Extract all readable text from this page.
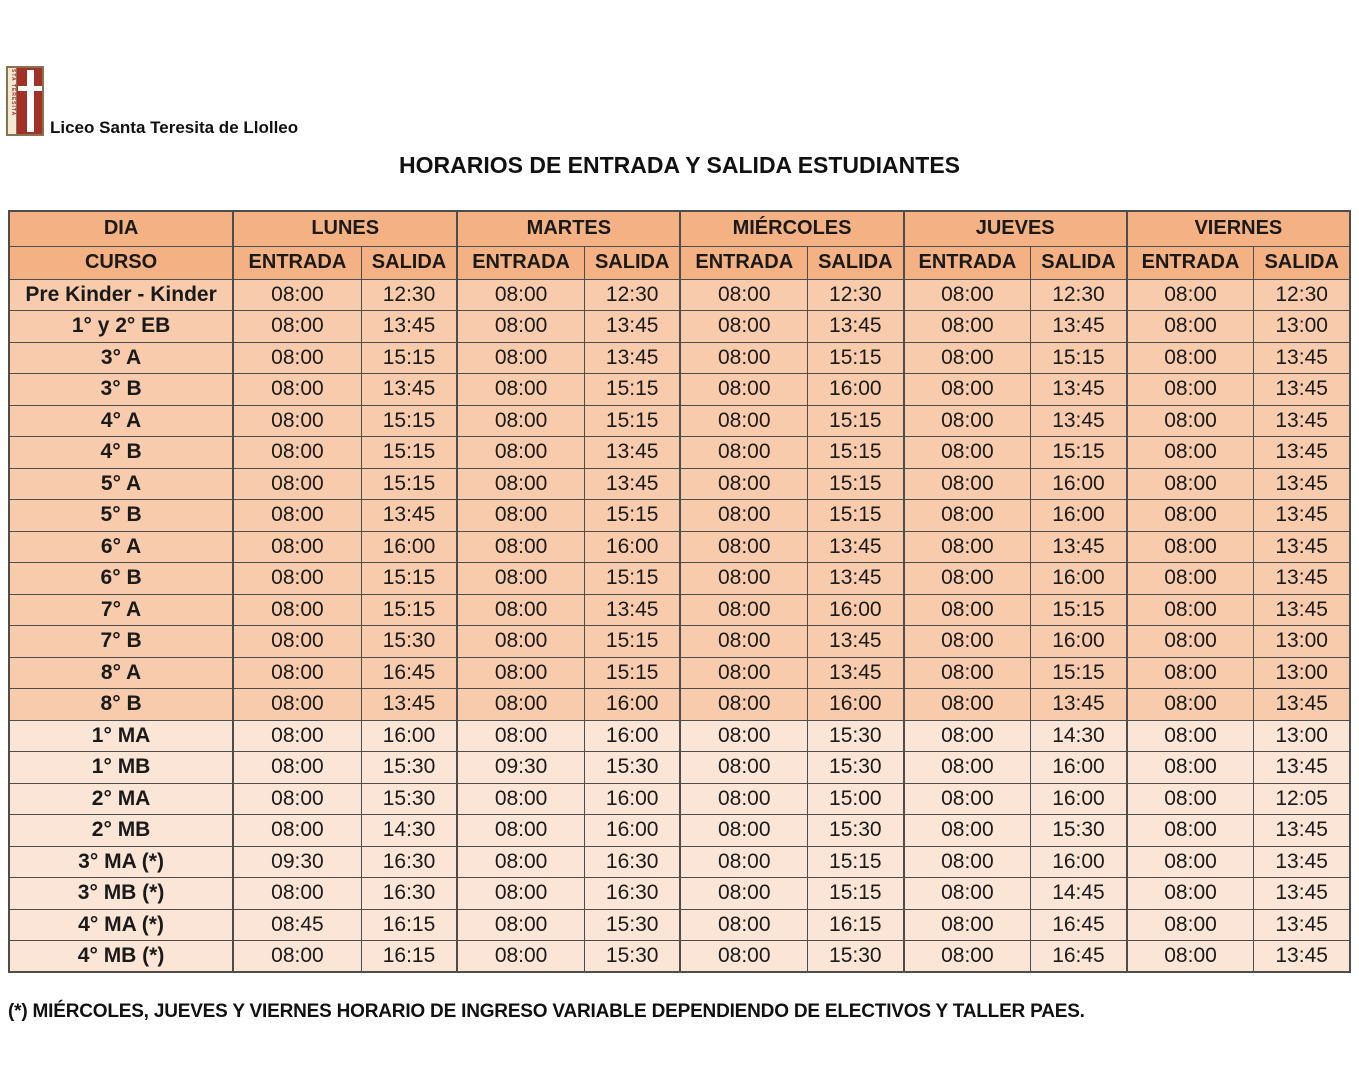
STA TERESITA
Liceo Santa Teresita de Llolleo
HORARIOS DE ENTRADA Y SALIDA ESTUDIANTES
DIA	LUNES		MARTES		MIÉRCOLES		JUEVES		VIERNES	
CURSO	ENTRADA	SALIDA	ENTRADA	SALIDA	ENTRADA	SALIDA	ENTRADA	SALIDA	ENTRADA	SALIDA
Pre Kinder - Kinder	08:00	12:30	08:00	12:30	08:00	12:30	08:00	12:30	08:00	12:30
1° y 2° EB	08:00	13:45	08:00	13:45	08:00	13:45	08:00	13:45	08:00	13:00
3° A	08:00	15:15	08:00	13:45	08:00	15:15	08:00	15:15	08:00	13:45
3° B	08:00	13:45	08:00	15:15	08:00	16:00	08:00	13:45	08:00	13:45
4° A	08:00	15:15	08:00	15:15	08:00	15:15	08:00	13:45	08:00	13:45
4° B	08:00	15:15	08:00	13:45	08:00	15:15	08:00	15:15	08:00	13:45
5° A	08:00	15:15	08:00	13:45	08:00	15:15	08:00	16:00	08:00	13:45
5° B	08:00	13:45	08:00	15:15	08:00	15:15	08:00	16:00	08:00	13:45
6° A	08:00	16:00	08:00	16:00	08:00	13:45	08:00	13:45	08:00	13:45
6° B	08:00	15:15	08:00	15:15	08:00	13:45	08:00	16:00	08:00	13:45
7° A	08:00	15:15	08:00	13:45	08:00	16:00	08:00	15:15	08:00	13:45
7° B	08:00	15:30	08:00	15:15	08:00	13:45	08:00	16:00	08:00	13:00
8° A	08:00	16:45	08:00	15:15	08:00	13:45	08:00	15:15	08:00	13:00
8° B	08:00	13:45	08:00	16:00	08:00	16:00	08:00	13:45	08:00	13:45
1° MA	08:00	16:00	08:00	16:00	08:00	15:30	08:00	14:30	08:00	13:00
1° MB	08:00	15:30	09:30	15:30	08:00	15:30	08:00	16:00	08:00	13:45
2° MA	08:00	15:30	08:00	16:00	08:00	15:00	08:00	16:00	08:00	12:05
2° MB	08:00	14:30	08:00	16:00	08:00	15:30	08:00	15:30	08:00	13:45
3° MA (*)	09:30	16:30	08:00	16:30	08:00	15:15	08:00	16:00	08:00	13:45
3° MB (*)	08:00	16:30	08:00	16:30	08:00	15:15	08:00	14:45	08:00	13:45
4° MA (*)	08:45	16:15	08:00	15:30	08:00	16:15	08:00	16:45	08:00	13:45
4° MB (*)	08:00	16:15	08:00	15:30	08:00	15:30	08:00	16:45	08:00	13:45
(*) MIÉRCOLES, JUEVES Y VIERNES HORARIO DE INGRESO VARIABLE DEPENDIENDO DE ELECTIVOS Y TALLER PAES.
